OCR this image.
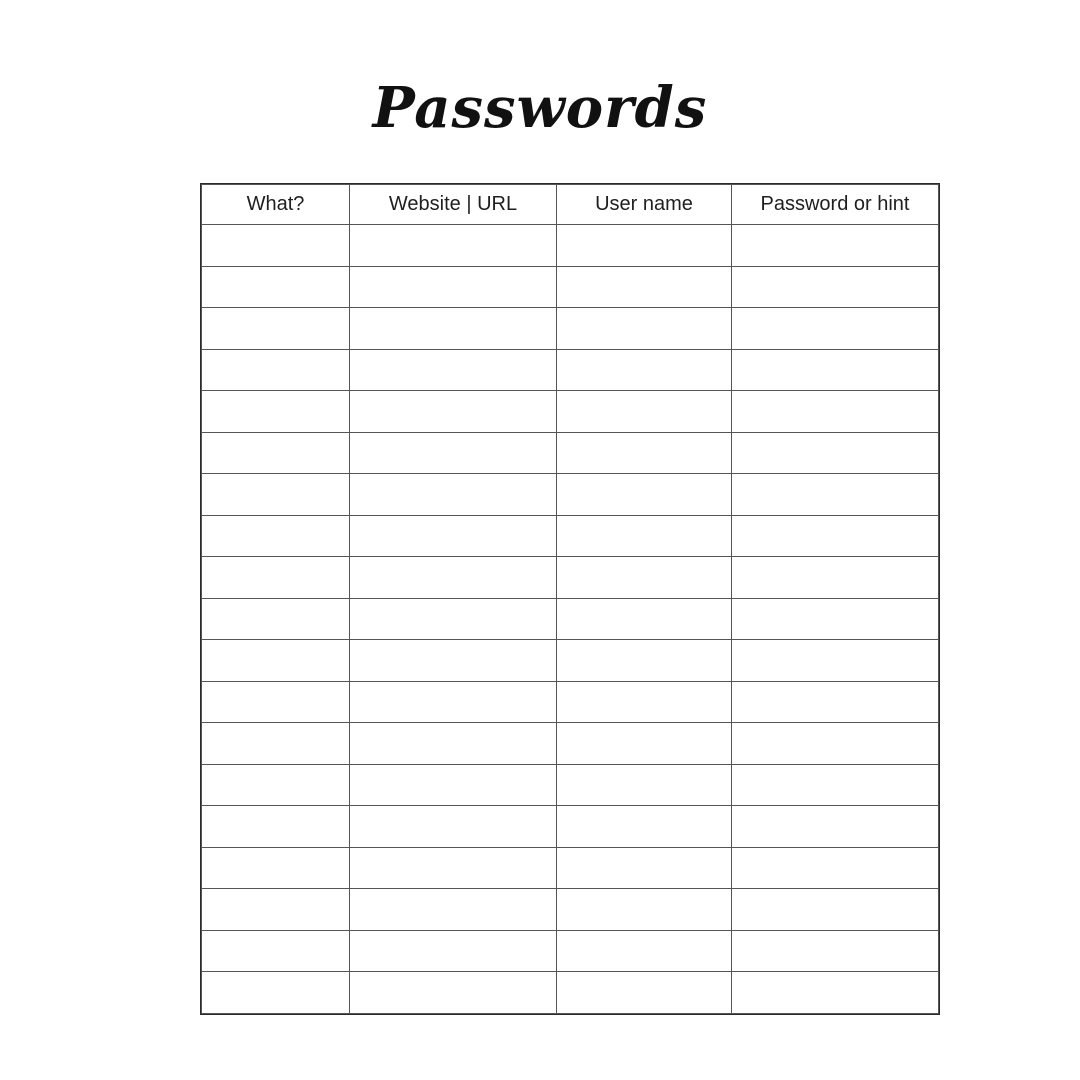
Passwords
What?	Website | URL	User name	Password or hint
